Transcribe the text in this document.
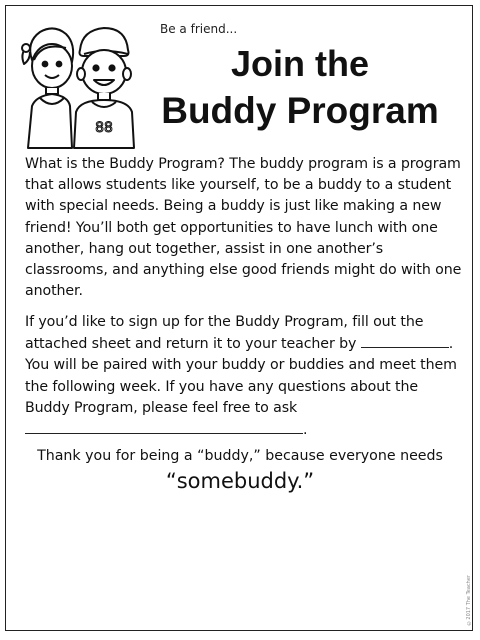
88
Be a friend...
Join the
Buddy Program

What is the Buddy Program? The buddy program is a program that allows students like yourself, to be a buddy to a student with special needs. Being a buddy is just like making a new friend! You’ll both get opportunities to have lunch with one another, hang out together, assist in one another’s classrooms, and anything else good friends might do with one another.

If you’d like to sign up for the Buddy Program, fill out the attached sheet and return it to your teacher by	. You will be paired with your buddy or buddies and meet them the following week. If you have any questions about the Buddy Program, please feel free to ask .

Thank you for being a “buddy,” because everyone needs

“somebuddy.”

©2017 The Teacher
